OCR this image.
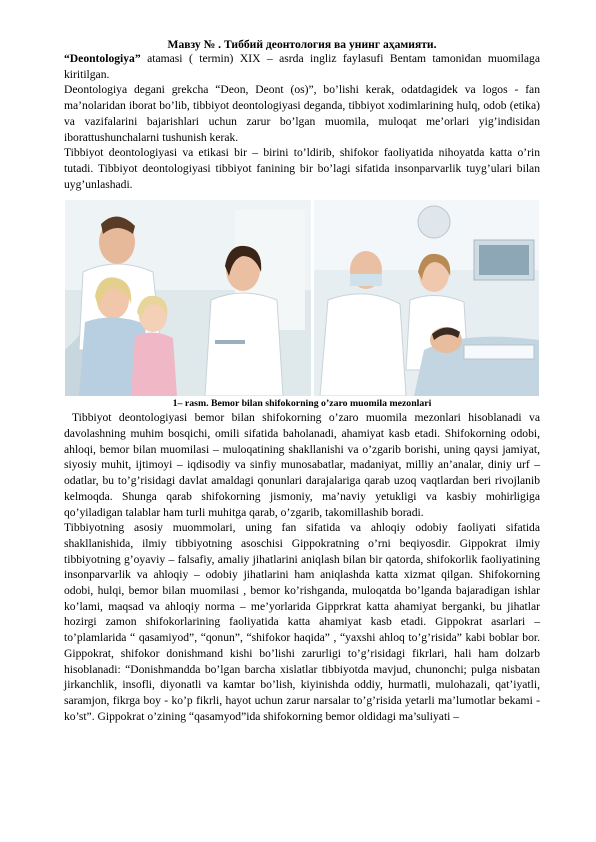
Мавзу № . Тиббий деонтология ва унинг аҳамияти.

“Deontologiya” atamasi ( termin) XIX – asrda ingliz faylasufi Bentam tamonidan muomilaga kiritilgan.

Deontologiya degani grekcha “Deon, Deont (os)”, bo’lishi kerak, odatdagidek va logos - fan ma’nolaridan iborat bo’lib, tibbiyot deontologiyasi deganda, tibbiyot xodimlarining hulq, odob (etika) va vazifalarini bajarishlari uchun zarur bo’lgan muomila, muloqat me’orlari yig’indisidan iborattushunchalarni tushunish kerak.

Tibbiyot deontologiyasi va etikasi bir – birini to’ldirib, shifokor faoliyatida nihoyatda katta o’rin tutadi. Tibbiyot deontologiyasi tibbiyot fanining bir bo’lagi sifatida insonparvarlik tuyg’ulari bilan uyg’unlashadi.

1– rasm. Bemor bilan shifokorning o’zaro muomila mezonlari

Tibbiyot deontologiyasi bemor bilan shifokorning o’zaro muomila mezonlari hisoblanadi va davolashning muhim bosqichi, omili sifatida baholanadi, ahamiyat kasb etadi. Shifokorning odobi, ahloqi, bemor bilan muomilasi – muloqatining shakllanishi va o’zgarib borishi, uning qaysi jamiyat, siyosiy muhit, ijtimoyi – iqdisodiy va sinfiy munosabatlar, madaniyat, milliy an’analar, diniy urf – odatlar, bu to’g’risidagi davlat amaldagi qonunlari darajalariga qarab uzoq vaqtlardan beri rivojlanib kelmoqda. Shunga qarab shifokorning jismoniy, ma’naviy yetukligi va kasbiy mohirligiga qo’yiladigan talablar ham turli muhitga qarab, o’zgarib, takomillashib boradi.

Tibbiyotning asosiy muommolari, uning fan sifatida va ahloqiy odobiy faoliyati sifatida shakllanishida, ilmiy tibbiyotning asoschisi Gippokratning o’rni beqiyosdir. Gippokrat ilmiy tibbiyotning g’oyaviy – falsafiy, amaliy jihatlarini aniqlash bilan bir qatorda, shifokorlik faoliyatining insonparvarlik va ahloqiy – odobiy jihatlarini ham aniqlashda katta xizmat qilgan. Shifokorning odobi, hulqi, bemor bilan muomilasi , bemor ko’rishganda, muloqatda bo’lganda bajaradigan ishlar ko’lami, maqsad va ahloqiy norma – me’yorlarida Gipprkrat katta ahamiyat berganki, bu jihatlar hozirgi zamon shifokorlarining faoliyatida katta ahamiyat kasb etadi. Gippokrat asarlari – to’plamlarida “ qasamiyod”, “qonun”, “shifokor haqida” , “yaxshi ahloq to’g’risida” kabi boblar bor. Gippokrat, shifokor donishmand kishi bo’lishi zarurligi to’g’risidagi fikrlari, hali ham dolzarb hisoblanadi: “Donishmandda bo’lgan barcha xislatlar tibbiyotda mavjud, chunonchi; pulga nisbatan jirkanchlik, insofli, diyonatli va kamtar bo’lish, kiyinishda oddiy, hurmatli, mulohazali, qat’iyatli, saramjon, fikrga boy - ko’p fikrli, hayot uchun zarur narsalar to’g’risida yetarli ma’lumotlar bekami - ko’st”. Gippokrat o’zining “qasamyod”ida shifokorning bemor oldidagi ma’suliyati –
